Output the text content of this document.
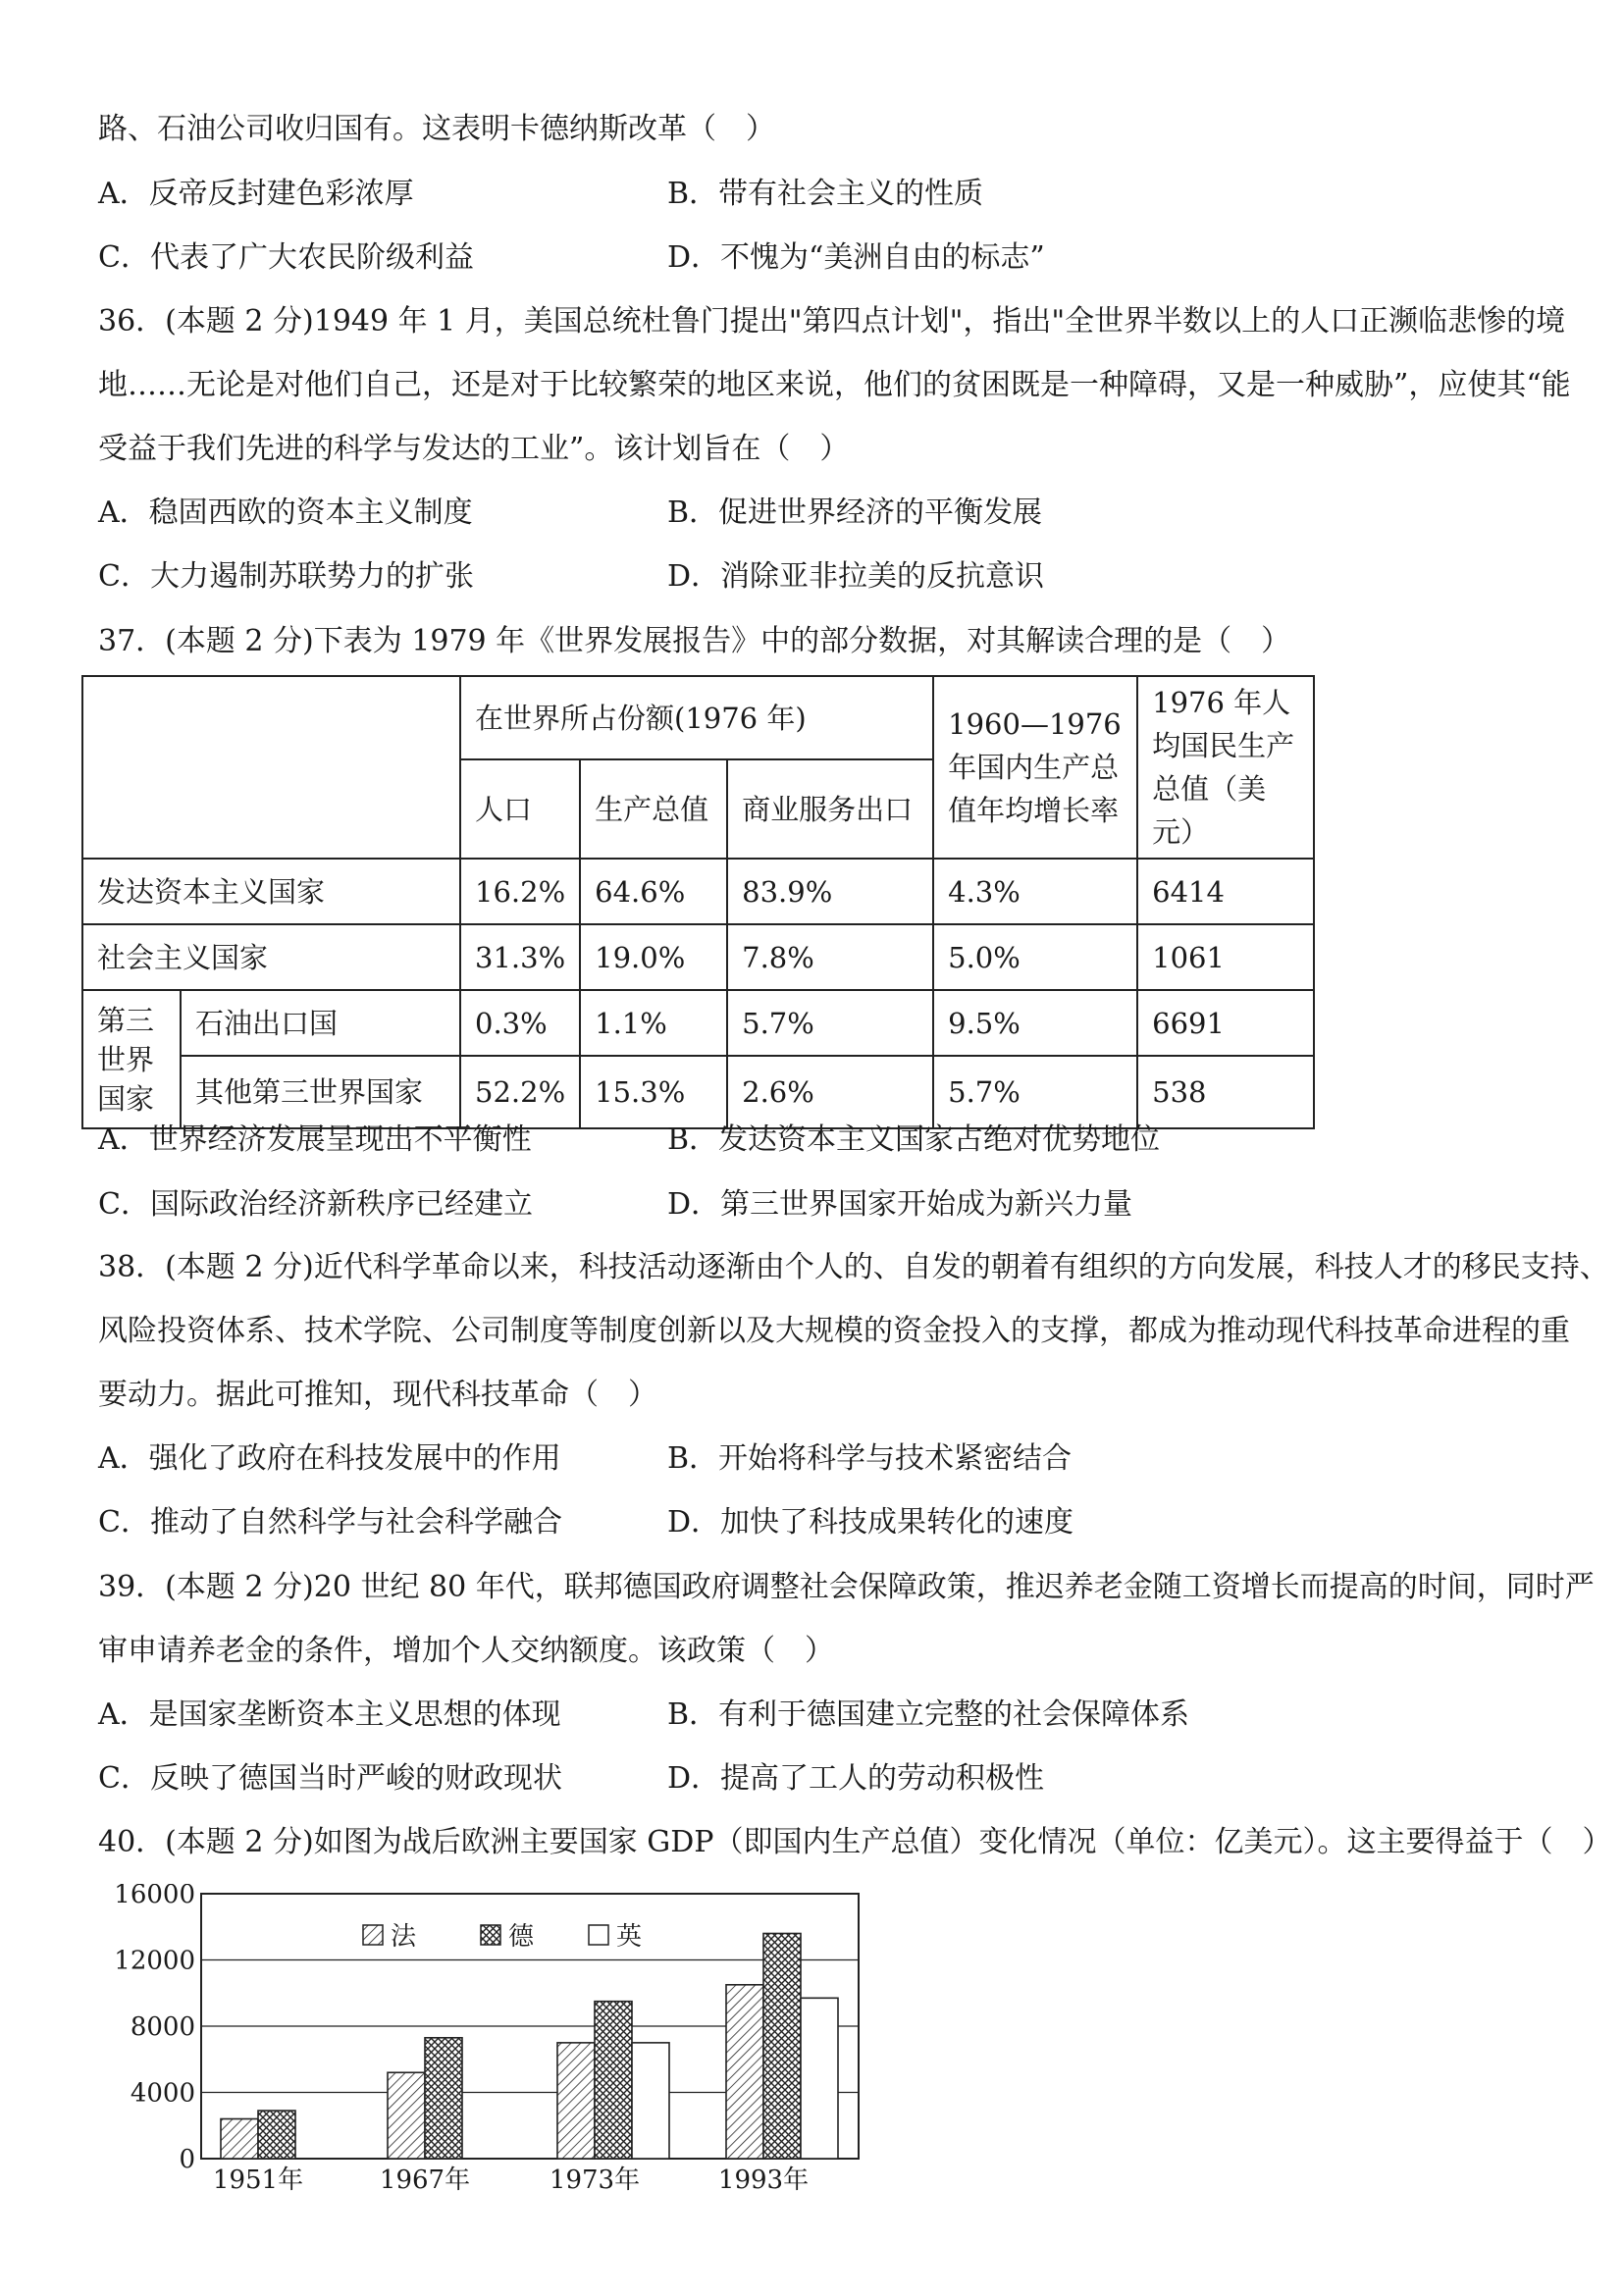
路、石油公司收归国有。这表明卡德纳斯改革（　）
A．反帝反封建色彩浓厚	B．带有社会主义的性质
C．代表了广大农民阶级利益	D．不愧为“美洲自由的标志”
36．(本题 2 分)1949 年 1 月，美国总统杜鲁门提出"第四点计划"，指出"全世界半数以上的人口正濒临悲惨的境
地……无论是对他们自己，还是对于比较繁荣的地区来说，他们的贫困既是一种障碍，又是一种威胁”，应使其“能
受益于我们先进的科学与发达的工业”。该计划旨在（　）
A．稳固西欧的资本主义制度	B．促进世界经济的平衡发展
C．大力遏制苏联势力的扩张	D．消除亚非拉美的反抗意识
37．(本题 2 分)下表为 1979 年《世界发展报告》中的部分数据，对其解读合理的是（　）
		在世界所占份额(1976 年)			1960—1976 年国内生产总值年均增长率	1976 年人均国民生产总值（美元）
		人口	生产总值	商业服务出口		
发达资本主义国家		16.2%	64.6%	83.9%	4.3%	6414
社会主义国家		31.3%	19.0%	7.8%	5.0%	1061
第三世界国家	石油出口国	0.3%	1.1%	5.7%	9.5%	6691
	其他第三世界国家	52.2%	15.3%	2.6%	5.7%	538
A．世界经济发展呈现出不平衡性	B．发达资本主义国家占绝对优势地位
C．国际政治经济新秩序已经建立	D．第三世界国家开始成为新兴力量
38．(本题 2 分)近代科学革命以来，科技活动逐渐由个人的、自发的朝着有组织的方向发展，科技人才的移民支持、
风险投资体系、技术学院、公司制度等制度创新以及大规模的资金投入的支撑，都成为推动现代科技革命进程的重
要动力。据此可推知，现代科技革命（　）
A．强化了政府在科技发展中的作用	B．开始将科学与技术紧密结合
C．推动了自然科学与社会科学融合	D．加快了科技成果转化的速度
39．(本题 2 分)20 世纪 80 年代，联邦德国政府调整社会保障政策，推迟养老金随工资增长而提高的时间，同时严
审申请养老金的条件，增加个人交纳额度。该政策（　）
A．是国家垄断资本主义思想的体现	B．有利于德国建立完整的社会保障体系
C．反映了德国当时严峻的财政现状	D．提高了工人的劳动积极性
40．(本题 2 分)如图为战后欧洲主要国家 GDP（即国内生产总值）变化情况（单位：亿美元）。这主要得益于（　）
16000
12000
8000
4000
0
1951年	1967年	1973年	1993年
法	德	英
